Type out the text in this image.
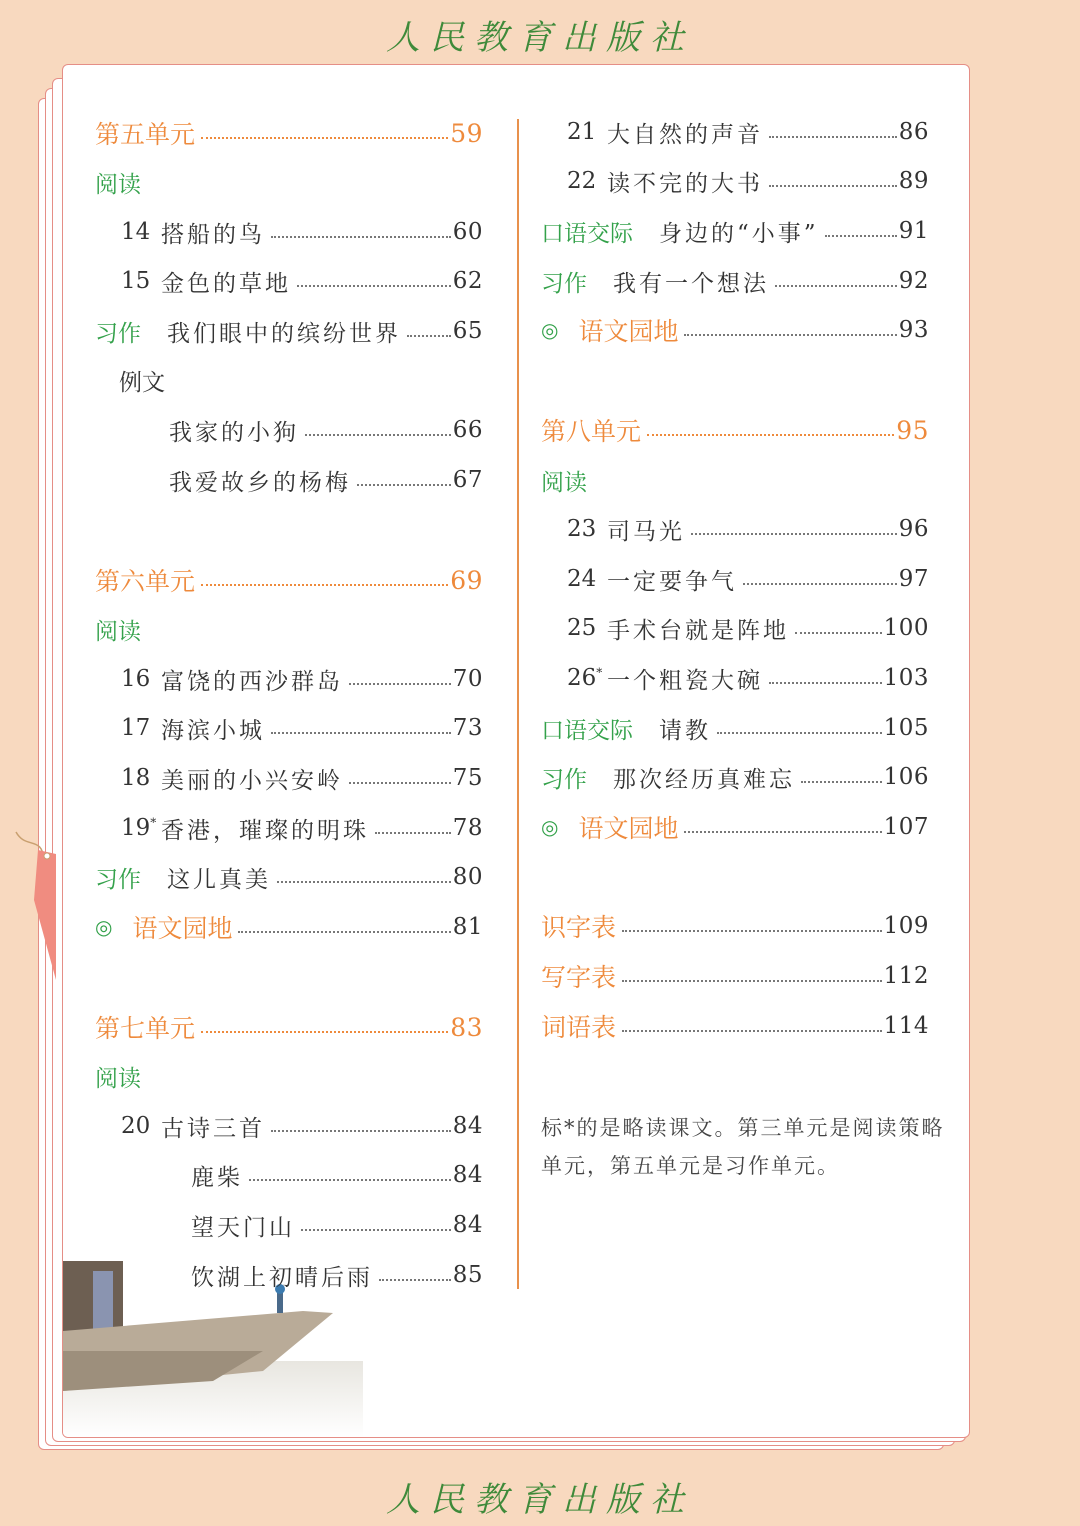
人民教育出版社
第五单元	59
阅读
14 搭船的鸟	60
15 金色的草地	62
习作 我们眼中的缤纷世界 65
例文
我家的小狗	66
我爱故乡的杨梅	67
第六单元	69
阅读
16 富饶的西沙群岛	70
17 海滨小城	73
18 美丽的小兴安岭	75
19* 香港，璀璨的明珠	78
习作 这儿真美	80
◎ 语文园地	81
第七单元	83
阅读
20 古诗三首	84
鹿柴	84
望天门山	84
饮湖上初晴后雨	85
21 大自然的声音	86
22 读不完的大书	89
口语交际 身边的“小事”	91
习作 我有一个想法	92
◎ 语文园地	93
第八单元	95
阅读
23 司马光	96
24 一定要争气	97
25 手术台就是阵地	100
26* 一个粗瓷大碗	103
口语交际 请教	105
习作 那次经历真难忘	106
◎ 语文园地	107
识字表	109
写字表	112
词语表	114
标*的是略读课文。第三单元是阅读策略单元，第五单元是习作单元。
人民教育出版社
